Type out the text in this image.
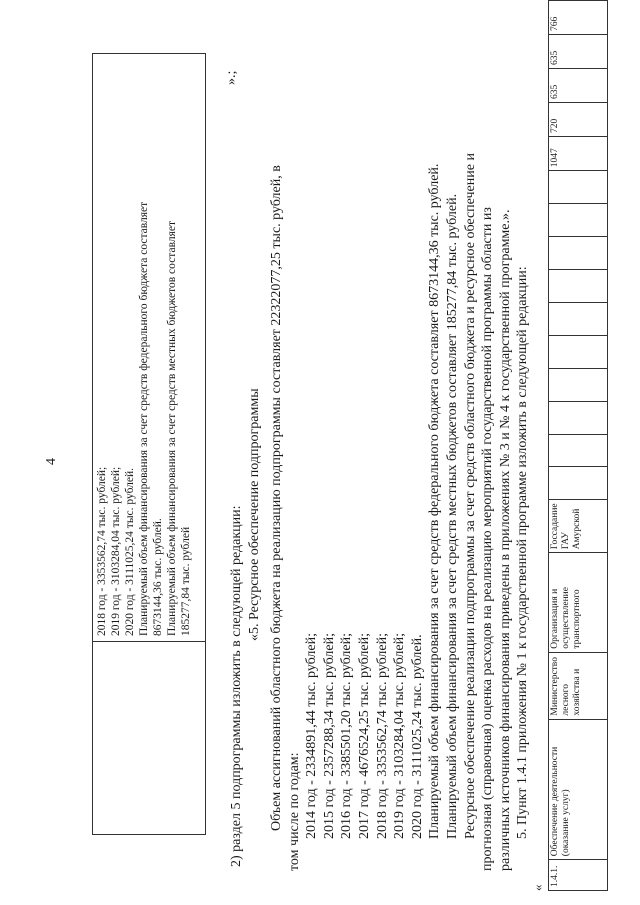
4
2018 год - 3353562,74 тыс. рублей; 2019 год - 3103284,04 тыс. рублей; 2020 год - 3111025,24 тыс. рублей. Планируемый объем финансирования за счет средств федерального бюджета составляет 8673144,36 тыс. рублей. Планируемый объем финансирования за счет средств местных бюджетов составляет 185277,84 тыс. рублей
».;
2) раздел 5 подпрограммы изложить в следующей редакции: «5. Ресурсное обеспечение подпрограммы Объем ассигнований областного бюджета на реализацию подпрограммы составляет 22322077,25 тыс. рублей, в том числе по годам: 2014 год - 2334891,44 тыс. рублей; 2015 год - 2357288,34 тыс. рублей; 2016 год - 3385501,20 тыс. рублей; 2017 год - 4676524,25 тыс. рублей; 2018 год - 3353562,74 тыс. рублей; 2019 год - 3103284,04 тыс. рублей; 2020 год - 3111025,24 тыс. рублей. Планируемый объем финансирования за счет средств федерального бюджета составляет 8673144,36 тыс. рублей. Планируемый объем финансирования за счет средств местных бюджетов составляет 185277,84 тыс. рублей. Ресурсное обеспечение реализации подпрограммы за счет средств областного бюджета и ресурсное обеспечение и прогнозная (справочная) оценка расходов на реализацию мероприятий государственной программы области из различных источников финансирования приведены в приложениях № 3 и № 4 к государственной программе.». 5. Пункт 1.4.1 приложения № 1 к государственной программе изложить в следующей редакции:
«
1.4.1.	Обеспечение деятельности (оказание услуг)	Министерство лесного хозяйства и	Организация и осуществление транспортного	Госсадание ГАУ Амурской											1047	720	635	635	766
